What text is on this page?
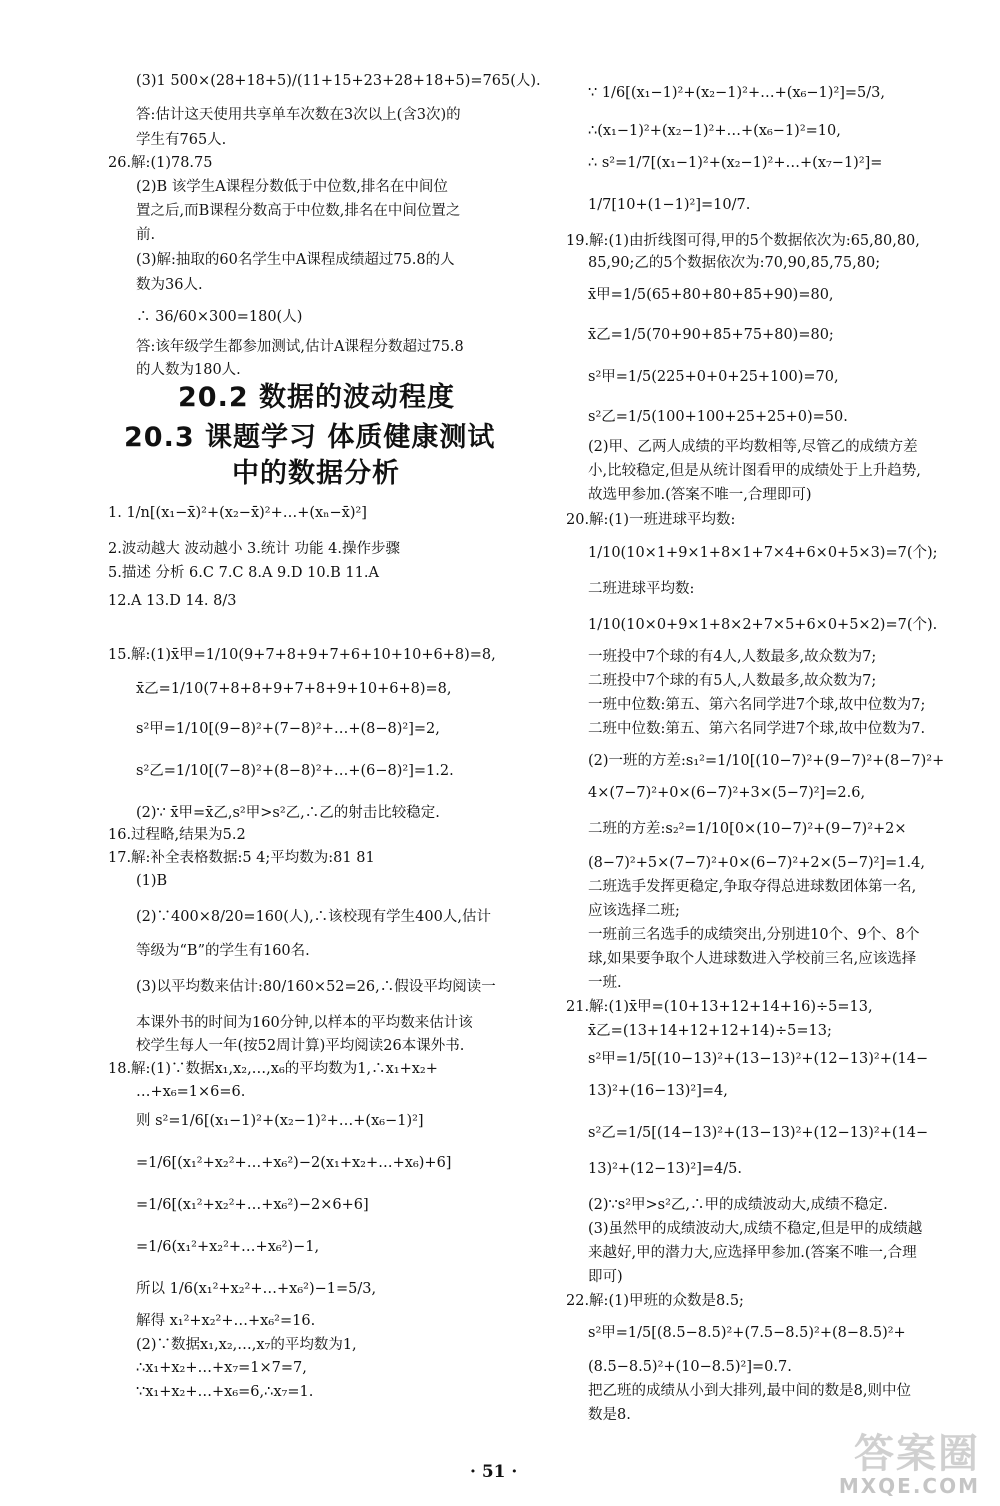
(3)1 500×(28+18+5)/(11+15+23+28+18+5)=765(人).
答:估计这天使用共享单车次数在3次以上(含3次)的
学生有765人.
26.解:(1)78.75
(2)B 该学生A课程分数低于中位数,排名在中间位
置之后,而B课程分数高于中位数,排名在中间位置之
前.
(3)解:抽取的60名学生中A课程成绩超过75.8的人
数为36人.
∴ 36/60×300=180(人)
答:该年级学生都参加测试,估计A课程分数超过75.8
的人数为180人.
20.2 数据的波动程度
20.3 课题学习 体质健康测试
中的数据分析
1. 1/n[(x₁−x̄)²+(x₂−x̄)²+…+(xₙ−x̄)²]
2.波动越大 波动越小 3.统计 功能 4.操作步骤
5.描述 分析 6.C 7.C 8.A 9.D 10.B 11.A
12.A 13.D 14. 8/3
15.解:(1)x̄甲=1/10(9+7+8+9+7+6+10+10+6+8)=8,
x̄乙=1/10(7+8+8+9+7+8+9+10+6+8)=8,
s²甲=1/10[(9−8)²+(7−8)²+…+(8−8)²]=2,
s²乙=1/10[(7−8)²+(8−8)²+…+(6−8)²]=1.2.
(2)∵ x̄甲=x̄乙,s²甲>s²乙,∴乙的射击比较稳定.
16.过程略,结果为5.2
17.解:补全表格数据:5 4;平均数为:81 81
(1)B
(2)∵400×8/20=160(人),∴该校现有学生400人,估计
等级为“B”的学生有160名.
(3)以平均数来估计:80/160×52=26,∴假设平均阅读一
本课外书的时间为160分钟,以样本的平均数来估计该
校学生每人一年(按52周计算)平均阅读26本课外书.
18.解:(1)∵数据x₁,x₂,…,x₆的平均数为1,∴x₁+x₂+
…+x₆=1×6=6.
则 s²=1/6[(x₁−1)²+(x₂−1)²+…+(x₆−1)²]
=1/6[(x₁²+x₂²+…+x₆²)−2(x₁+x₂+…+x₆)+6]
=1/6[(x₁²+x₂²+…+x₆²)−2×6+6]
=1/6(x₁²+x₂²+…+x₆²)−1,
所以 1/6(x₁²+x₂²+…+x₆²)−1=5/3,
解得 x₁²+x₂²+…+x₆²=16.
(2)∵数据x₁,x₂,…,x₇的平均数为1,
∴x₁+x₂+…+x₇=1×7=7,
∵x₁+x₂+…+x₆=6,∴x₇=1.
∵ 1/6[(x₁−1)²+(x₂−1)²+…+(x₆−1)²]=5/3,
∴(x₁−1)²+(x₂−1)²+…+(x₆−1)²=10,
∴ s²=1/7[(x₁−1)²+(x₂−1)²+…+(x₇−1)²]=
1/7[10+(1−1)²]=10/7.
19.解:(1)由折线图可得,甲的5个数据依次为:65,80,80,
85,90;乙的5个数据依次为:70,90,85,75,80;
x̄甲=1/5(65+80+80+85+90)=80,
x̄乙=1/5(70+90+85+75+80)=80;
s²甲=1/5(225+0+0+25+100)=70,
s²乙=1/5(100+100+25+25+0)=50.
(2)甲、乙两人成绩的平均数相等,尽管乙的成绩方差
小,比较稳定,但是从统计图看甲的成绩处于上升趋势,
故选甲参加.(答案不唯一,合理即可)
20.解:(1)一班进球平均数:
1/10(10×1+9×1+8×1+7×4+6×0+5×3)=7(个);
二班进球平均数:
1/10(10×0+9×1+8×2+7×5+6×0+5×2)=7(个).
一班投中7个球的有4人,人数最多,故众数为7;
二班投中7个球的有5人,人数最多,故众数为7;
一班中位数:第五、第六名同学进7个球,故中位数为7;
二班中位数:第五、第六名同学进7个球,故中位数为7.
(2)一班的方差:s₁²=1/10[(10−7)²+(9−7)²+(8−7)²+
4×(7−7)²+0×(6−7)²+3×(5−7)²]=2.6,
二班的方差:s₂²=1/10[0×(10−7)²+(9−7)²+2×
(8−7)²+5×(7−7)²+0×(6−7)²+2×(5−7)²]=1.4,
二班选手发挥更稳定,争取夺得总进球数团体第一名,
应该选择二班;
一班前三名选手的成绩突出,分别进10个、9个、8个
球,如果要争取个人进球数进入学校前三名,应该选择
一班.
21.解:(1)x̄甲=(10+13+12+14+16)÷5=13,
x̄乙=(13+14+12+12+14)÷5=13;
s²甲=1/5[(10−13)²+(13−13)²+(12−13)²+(14−
13)²+(16−13)²]=4,
s²乙=1/5[(14−13)²+(13−13)²+(12−13)²+(14−
13)²+(12−13)²]=4/5.
(2)∵s²甲>s²乙,∴甲的成绩波动大,成绩不稳定.
(3)虽然甲的成绩波动大,成绩不稳定,但是甲的成绩越
来越好,甲的潜力大,应选择甲参加.(答案不唯一,合理
即可)
22.解:(1)甲班的众数是8.5;
s²甲=1/5[(8.5−8.5)²+(7.5−8.5)²+(8−8.5)²+
(8.5−8.5)²+(10−8.5)²]=0.7.
把乙班的成绩从小到大排列,最中间的数是8,则中位
数是8.
· 51 ·	答案圈
MXQE.COM
